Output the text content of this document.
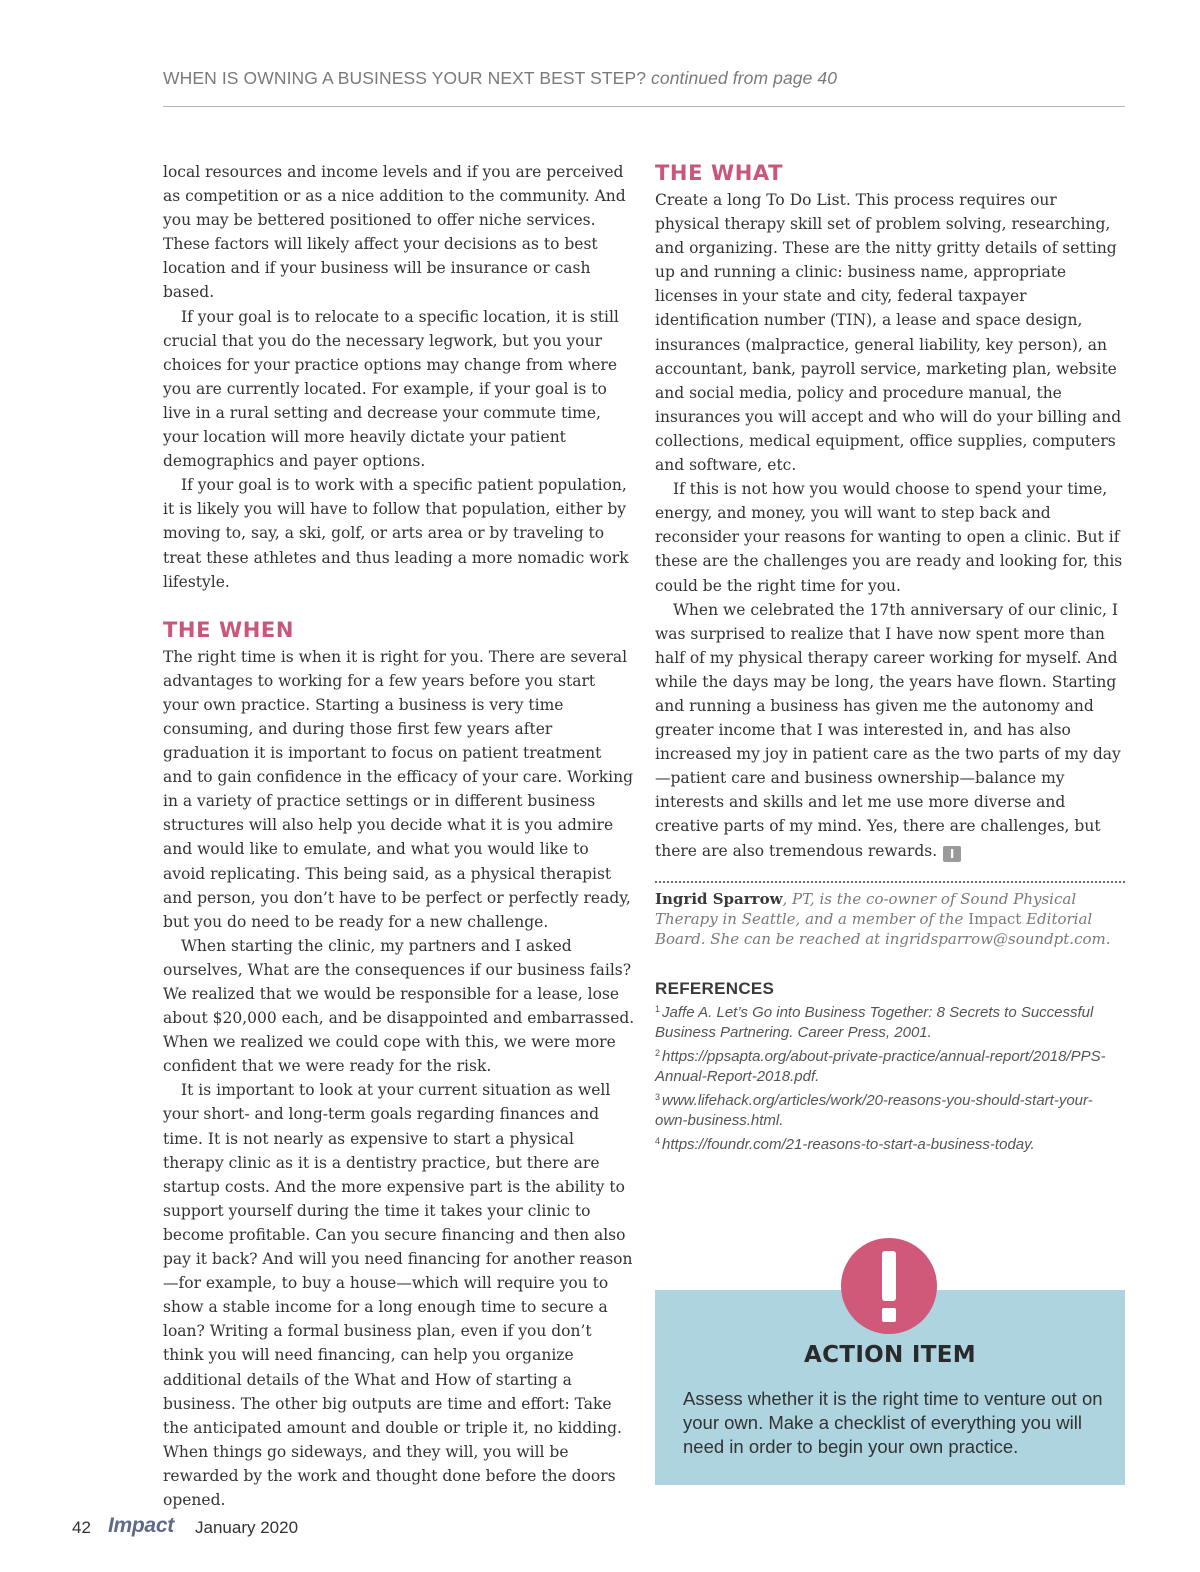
WHEN IS OWNING A BUSINESS YOUR NEXT BEST STEP? continued from page 40

local resources and income levels and if you are perceived as competition or as a nice addition to the community. And you may be bettered positioned to offer niche services. These factors will likely affect your decisions as to best location and if your business will be insurance or cash based.

If your goal is to relocate to a specific location, it is still crucial that you do the necessary legwork, but you your choices for your practice options may change from where you are currently located. For example, if your goal is to live in a rural setting and decrease your commute time, your location will more heavily dictate your patient demographics and payer options.

If your goal is to work with a specific patient population, it is likely you will have to follow that population, either by moving to, say, a ski, golf, or arts area or by traveling to treat these athletes and thus leading a more nomadic work lifestyle.

THE WHEN

The right time is when it is right for you. There are several advantages to working for a few years before you start your own practice. Starting a business is very time consuming, and during those first few years after graduation it is important to focus on patient treatment and to gain confidence in the efficacy of your care. Working in a variety of practice settings or in different business structures will also help you decide what it is you admire and would like to emulate, and what you would like to avoid replicating. This being said, as a physical therapist and person, you don’t have to be perfect or perfectly ready, but you do need to be ready for a new challenge.

When starting the clinic, my partners and I asked ourselves, What are the consequences if our business fails? We realized that we would be responsible for a lease, lose about $20,000 each, and be disappointed and embarrassed. When we realized we could cope with this, we were more confident that we were ready for the risk.

It is important to look at your current situation as well your short- and long-term goals regarding finances and time. It is not nearly as expensive to start a physical therapy clinic as it is a dentistry practice, but there are startup costs. And the more expensive part is the ability to support yourself during the time it takes your clinic to become profitable. Can you secure financing and then also pay it back? And will you need financing for another reason—for example, to buy a house—which will require you to show a stable income for a long enough time to secure a loan? Writing a formal business plan, even if you don’t think you will need financing, can help you organize additional details of the What and How of starting a business. The other big outputs are time and effort: Take the anticipated amount and double or triple it, no kidding. When things go sideways, and they will, you will be rewarded by the work and thought done before the doors opened.

THE WHAT

Create a long To Do List. This process requires our physical therapy skill set of problem solving, researching, and organizing. These are the nitty gritty details of setting up and running a clinic: business name, appropriate licenses in your state and city, federal taxpayer identification number (TIN), a lease and space design, insurances (malpractice, general liability, key person), an accountant, bank, payroll service, marketing plan, website and social media, policy and procedure manual, the insurances you will accept and who will do your billing and collections, medical equipment, office supplies, computers and software, etc.

If this is not how you would choose to spend your time, energy, and money, you will want to step back and reconsider your reasons for wanting to open a clinic. But if these are the challenges you are ready and looking for, this could be the right time for you.

When we celebrated the 17th anniversary of our clinic, I was surprised to realize that I have now spent more than half of my physical therapy career working for myself. And while the days may be long, the years have flown. Starting and running a business has given me the autonomy and greater income that I was interested in, and has also increased my joy in patient care as the two parts of my day—patient care and business ownership—balance my interests and skills and let me use more diverse and creative parts of my mind. Yes, there are challenges, but there are also tremendous rewards. I

Ingrid Sparrow, PT, is the co-owner of Sound Physical Therapy in Seattle, and a member of the Impact Editorial Board. She can be reached at ingridsparrow@soundpt.com.
REFERENCES

$^1$ Jaffe A. Let’s Go into Business Together: 8 Secrets to Successful Business Partnering. Career Press, 2001.

$^2$ https://ppsapta.org/about-private-practice/annual-report/2018/PPS-Annual-Report-2018.pdf.

$^3$ www.lifehack.org/articles/work/20-reasons-you-should-start-your-own-business.html.

$^4$ https://foundr.com/21-reasons-to-start-a-business-today.

ACTION ITEM
Assess whether it is the right time to venture out on your own. Make a checklist of everything you will need in order to begin your own practice.
42 Impact January 2020
